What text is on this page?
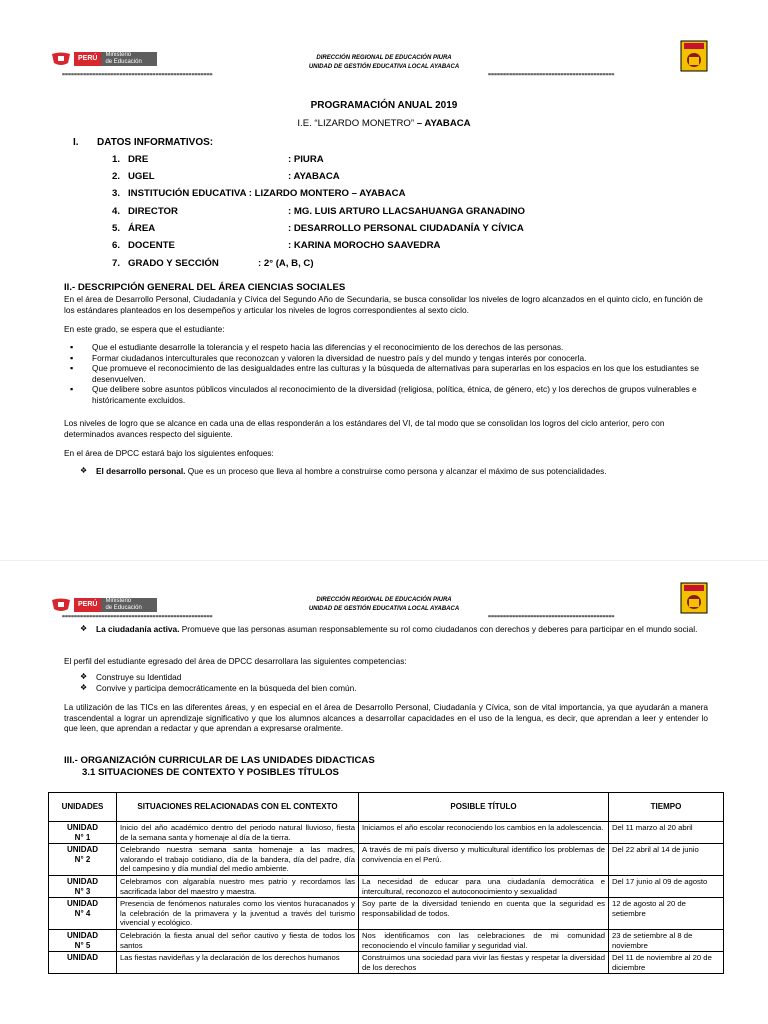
PERÚ	Ministerio
de Educación
DIRECCIÓN REGIONAL DE EDUCACIÓN PIURA
UNIDAD DE GESTIÓN EDUCATIVA LOCAL AYABACA
==================================================	==========================================
PROGRAMACIÓN ANUAL 2019
I.E. “LIZARDO MONETRO” – AYABACA
I. DATOS INFORMATIVOS:
1. DRE	: PIURA
2. UGEL	: AYABACA
3. INSTITUCIÓN EDUCATIVA : LIZARDO MONTERO – AYABACA
4. DIRECTOR	: MG. LUIS ARTURO LLACSAHUANGA GRANADINO
5. ÁREA	: DESARROLLO PERSONAL CIUDADANÍA Y CÍVICA
6. DOCENTE	: KARINA MOROCHO SAAVEDRA
7. GRADO Y SECCIÓN	: 2° (A, B, C)
II.- DESCRIPCIÓN GENERAL DEL ÁREA CIENCIAS SOCIALES
En el área de Desarrollo Personal, Ciudadanía y Cívica del Segundo Año de Secundaria, se busca consolidar los niveles de logro alcanzados en el quinto ciclo, en función de los estándares planteados en los desempeños y articular los niveles de logros correspondientes al sexto ciclo.
En este grado, se espera que el estudiante:
▪ Que el estudiante desarrolle la tolerancia y el respeto hacia las diferencias y el reconocimiento de los derechos de las personas.
▪ Formar ciudadanos interculturales que reconozcan y valoren la diversidad de nuestro país y del mundo y tengas interés por conocerla.
▪ Que promueve el reconocimiento de las desigualdades entre las culturas y la búsqueda de alternativas para superarlas en los espacios en los que los estudiantes se desenvuelven.
▪ Que delibere sobre asuntos públicos vinculados al reconocimiento de la diversidad (religiosa, política, étnica, de género, etc) y los derechos de grupos vulnerables e históricamente excluidos.
Los niveles de logro que se alcance en cada una de ellas responderán a los estándares del VI, de tal modo que se consolidan los logros del ciclo anterior, pero con determinados avances respecto del siguiente.
En el área de DPCC estará bajo los siguientes enfoques:
❖ El desarrollo personal. Que es un proceso que lleva al hombre a construirse como persona y alcanzar el máximo de sus potencialidades.
PERÚ	Ministerio
de Educación
DIRECCIÓN REGIONAL DE EDUCACIÓN PIURA
UNIDAD DE GESTIÓN EDUCATIVA LOCAL AYABACA
==================================================	==========================================
❖ La ciudadanía activa. Promueve que las personas asuman responsablemente su rol como ciudadanos con derechos y deberes para participar en el mundo social.
El perfil del estudiante egresado del área de DPCC desarrollara las siguientes competencias:
❖ Construye su Identidad
❖ Convive y participa democráticamente en la búsqueda del bien común.
La utilización de las TICs en las diferentes áreas, y en especial en el área de Desarrollo Personal, Ciudadanía y Cívica, son de vital importancia, ya que ayudarán a manera trascendental a lograr un aprendizaje significativo y que los alumnos alcances a desarrollar capacidades en el uso de la lengua, es decir, que aprendan a leer y entender lo que leen, que aprendan a redactar y que aprendan a expresarse oralmente.
III.- ORGANIZACIÓN CURRICULAR DE LAS UNIDADES DIDACTICAS
3.1 SITUACIONES DE CONTEXTO Y POSIBLES TÍTULOS
UNIDADES	SITUACIONES RELACIONADAS CON EL CONTEXTO	POSIBLE TÍTULO	TIEMPO

UNIDAD
N° 1	Inicio del año académico dentro del periodo natural lluvioso, fiesta de la semana santa y homenaje al día de la tierra.	Iniciamos el año escolar reconociendo los cambios en la adolescencia.	Del 11 marzo al 20 abril

UNIDAD
N° 2	Celebrando nuestra semana santa homenaje a las madres, valorando el trabajo cotidiano, día de la bandera, día del padre, día del campesino y día mundial del medio ambiente.	A través de mi país diverso y multicultural identifico los problemas de convivencia en el Perú.	Del 22 abril al 14 de junio

UNIDAD
N° 3	Celebramos con algarabía nuestro mes patrio y recordamos las sacrificada labor del maestro y maestra.	La necesidad de educar para una ciudadanía democrática e intercultural, reconozco el autoconocimiento y sexualidad	Del 17 junio al 09 de agosto

UNIDAD
N° 4	Presencia de fenómenos naturales como los vientos huracanados y la celebración de la primavera y la juventud a través del turismo vivencial y ecológico.	Soy parte de la diversidad teniendo en cuenta que la seguridad es responsabilidad de todos.	12 de agosto al 20 de setiembre

UNIDAD
N° 5	Celebración la fiesta anual del señor cautivo y fiesta de todos los santos	Nos identificamos con las celebraciones de mi comunidad reconociendo el vínculo familiar y seguridad vial.	23 de setiembre al 8 de noviembre

UNIDAD	Las fiestas navideñas y la declaración de los derechos humanos	Construimos una sociedad para vivir las fiestas y respetar la diversidad de los derechos	Del 11 de noviembre al 20 de diciembre
